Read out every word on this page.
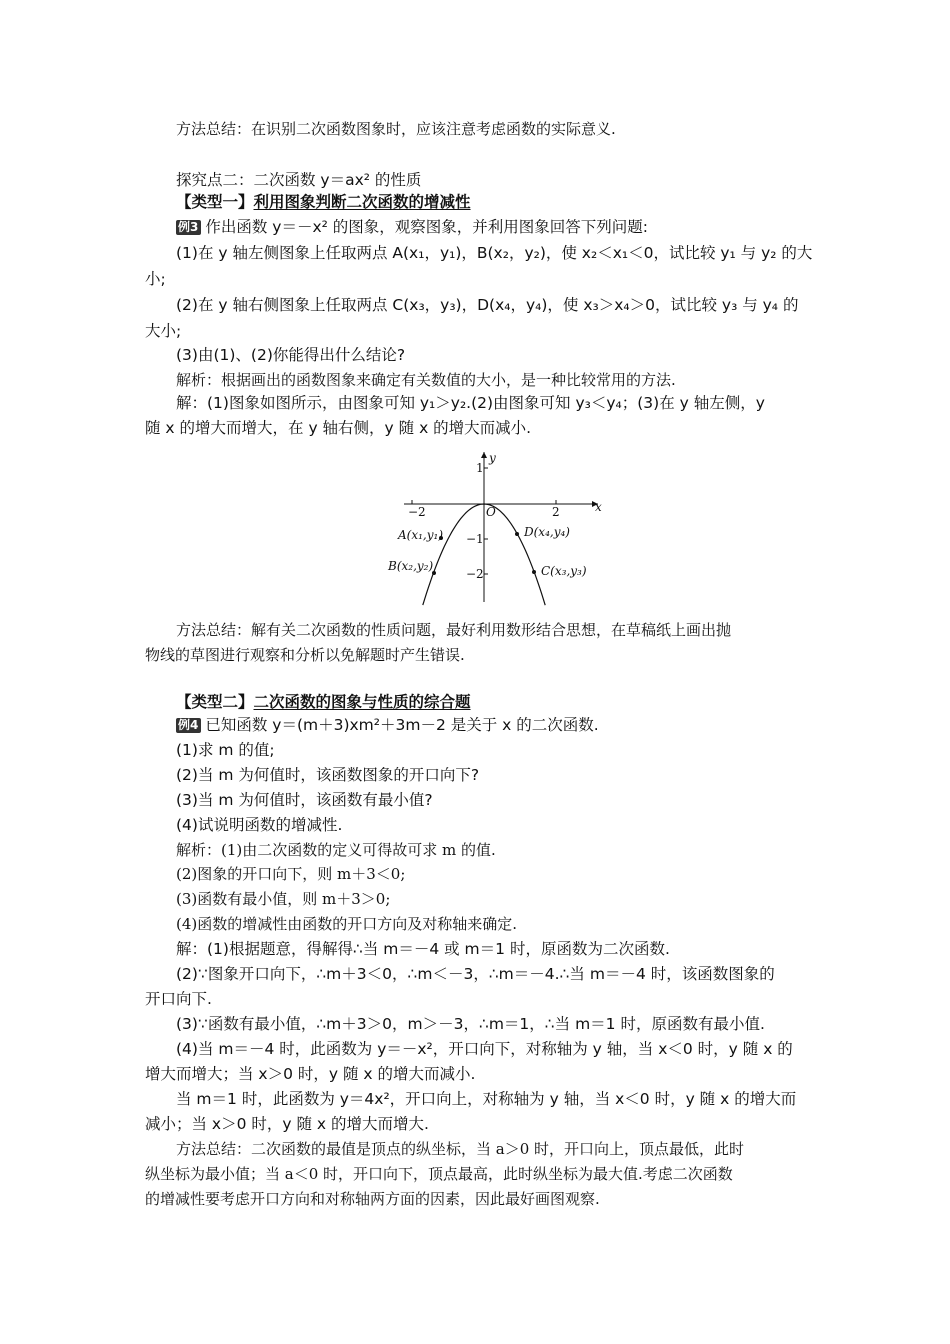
方法总结：在识别二次函数图象时，应该注意考虑函数的实际意义.
探究点二：二次函数 y＝ax² 的性质
【类型一】利用图象判断二次函数的增减性
例3 作出函数 y＝－x² 的图象，观察图象，并利用图象回答下列问题:
(1)在 y 轴左侧图象上任取两点 A(x₁，y₁)，B(x₂，y₂)，使 x₂＜x₁＜0，试比较 y₁ 与 y₂ 的大
小;
(2)在 y 轴右侧图象上任取两点 C(x₃，y₃)，D(x₄，y₄)，使 x₃＞x₄＞0，试比较 y₃ 与 y₄ 的
大小;
(3)由(1)、(2)你能得出什么结论?
解析：根据画出的函数图象来确定有关数值的大小，是一种比较常用的方法.
解：(1)图象如图所示，由图象可知 y₁＞y₂.(2)由图象可知 y₃＜y₄；(3)在 y 轴左侧，y
随 x 的增大而增大，在 y 轴右侧，y 随 x 的增大而减小.
x
y
O
−2	2
1
−1
−2
A(x₁,y₁)
B(x₂,y₂)	C(x₃,y₃)
D(x₄,y₄)
方法总结：解有关二次函数的性质问题，最好利用数形结合思想，在草稿纸上画出抛
物线的草图进行观察和分析以免解题时产生错误.
【类型二】二次函数的图象与性质的综合题
例4 已知函数 y＝(m＋3)xm²＋3m－2 是关于 x 的二次函数.
(1)求 m 的值;
(2)当 m 为何值时，该函数图象的开口向下?
(3)当 m 为何值时，该函数有最小值?
(4)试说明函数的增减性.
解析：(1)由二次函数的定义可得故可求 m 的值.
(2)图象的开口向下，则 m＋3＜0;
(3)函数有最小值，则 m＋3＞0;
(4)函数的增减性由函数的开口方向及对称轴来确定.
解：(1)根据题意，得解得∴当 m＝－4 或 m＝1 时，原函数为二次函数.
(2)∵图象开口向下，∴m＋3＜0，∴m＜－3，∴m＝－4.∴当 m＝－4 时，该函数图象的
开口向下.
(3)∵函数有最小值，∴m＋3＞0，m＞－3，∴m＝1，∴当 m＝1 时，原函数有最小值.
(4)当 m＝－4 时，此函数为 y＝－x²，开口向下，对称轴为 y 轴，当 x＜0 时，y 随 x 的
增大而增大；当 x＞0 时，y 随 x 的增大而减小.
当 m＝1 时，此函数为 y＝4x²，开口向上，对称轴为 y 轴，当 x＜0 时，y 随 x 的增大而
减小；当 x＞0 时，y 随 x 的增大而增大.
方法总结：二次函数的最值是顶点的纵坐标，当 a＞0 时，开口向上，顶点最低，此时
纵坐标为最小值；当 a＜0 时，开口向下，顶点最高，此时纵坐标为最大值.考虑二次函数
的增减性要考虑开口方向和对称轴两方面的因素，因此最好画图观察.
